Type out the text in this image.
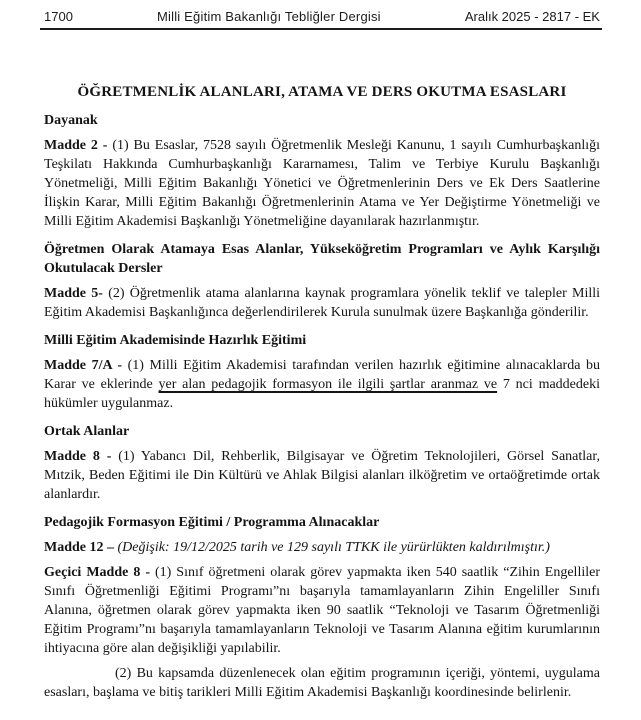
1700	Milli Eğitim Bakanlığı Tebliğler Dergisi	Aralık 2025 - 2817 - EK
ÖĞRETMENLİK ALANLARI, ATAMA VE DERS OKUTMA ESASLARI
Dayanak

Madde 2 - (1) Bu Esaslar, 7528 sayılı Öğretmenlik Mesleği Kanunu, 1 sayılı Cumhurbaşkanlığı Teşkilatı Hakkında Cumhurbaşkanlığı Kararnamesı, Talim ve Terbiye Kurulu Başkanlığı Yönetmeliği, Milli Eğitim Bakanlığı Yönetici ve Öğretmenlerinin Ders ve Ek Ders Saatlerine İlişkin Karar, Milli Eğitim Bakanlığı Öğretmenlerinin Atama ve Yer Değiştirme Yönetmeliği ve Milli Eğitim Akademisi Başkanlığı Yönetmeliğine dayanılarak hazırlanmıştır.

Öğretmen Olarak Atamaya Esas Alanlar, Yükseköğretim Programları ve Aylık Karşılığı Okutulacak Dersler

Madde 5- (2) Öğretmenlik atama alanlarına kaynak programlara yönelik teklif ve talepler Milli Eğitim Akademisi Başkanlığınca değerlendirilerek Kurula sunulmak üzere Başkanlığa gönderilir.

Milli Eğitim Akademisinde Hazırlık Eğitimi

Madde 7/A - (1) Milli Eğitim Akademisi tarafından verilen hazırlık eğitimine alınacaklarda bu Karar ve eklerinde yer alan pedagojik formasyon ile ilgili şartlar aranmaz ve 7 nci maddedeki hükümler uygulanmaz.

Ortak Alanlar

Madde 8 - (1) Yabancı Dil, Rehberlik, Bilgisayar ve Öğretim Teknolojileri, Görsel Sanatlar, Mıtzik, Beden Eğitimi ile Din Kültürü ve Ahlak Bilgisi alanları ilköğretim ve ortaöğretimde ortak alanlardır.

Pedagojik Formasyon Eğitimi / Programma Alınacaklar

Madde 12 – (Değişik: 19/12/2025 tarih ve 129 sayılı TTKK ile yürürlükten kaldırılmıştır.)

Geçici Madde 8 - (1) Sınıf öğretmeni olarak görev yapmakta iken 540 saatlik “Zihin Engelliler Sınıfı Öğretmenliği Eğitimi Programı”nı başarıyla tamamlayanların Zihin Engeliller Sınıfı Alanına, öğretmen olarak görev yapmakta iken 90 saatlik “Teknoloji ve Tasarım Öğretmenliği Eğitim Programı”nı başarıyla tamamlayanların Teknoloji ve Tasarım Alanına eğitim kurumlarının ihtiyacına göre alan değişikliği yapılabilir.

(2) Bu kapsamda düzenlenecek olan eğitim programının içeriği, yöntemi, uygulama esasları, başlama ve bitiş tarikleri Milli Eğitim Akademisi Başkanlığı koordinesinde belirlenir.
